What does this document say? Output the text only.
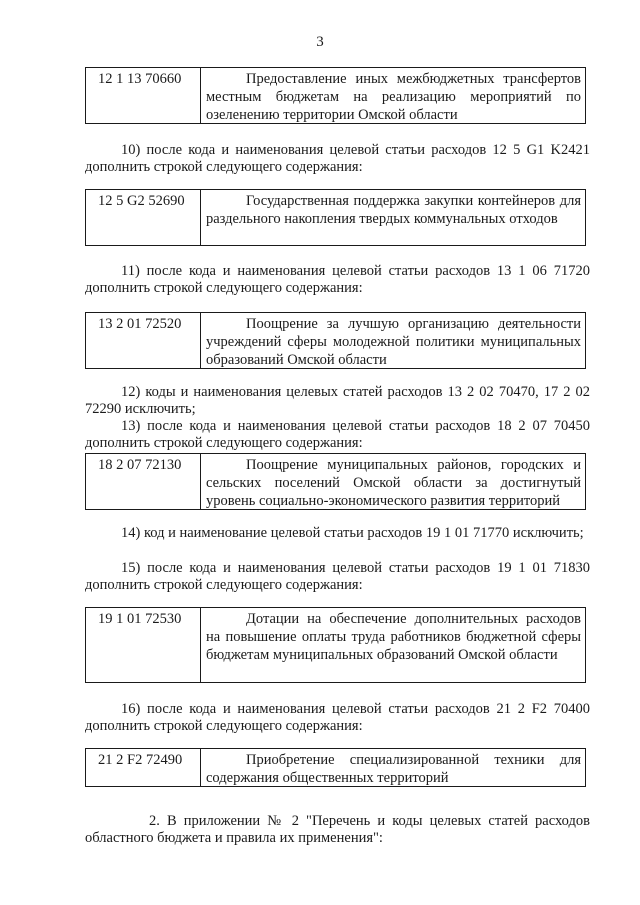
3
12 1 13 70660	Предоставление иных межбюджетных трансфертов местным бюджетам на реализацию мероприятий по озеленению территории Омской области

10) после кода и наименования целевой статьи расходов 12 5 G1 K2421 дополнить строкой следующего содержания:

12 5 G2 52690	Государственная поддержка закупки контейнеров для раздельного накопления твердых коммунальных отходов

11) после кода и наименования целевой статьи расходов 13 1 06 71720 дополнить строкой следующего содержания:

13 2 01 72520	Поощрение за лучшую организацию деятельности учреждений сферы молодежной политики муниципальных образований Омской области

12) коды и наименования целевых статей расходов 13 2 02 70470, 17 2 02 72290 исключить;

13) после кода и наименования целевой статьи расходов 18 2 07 70450 дополнить строкой следующего содержания:

18 2 07 72130	Поощрение муниципальных районов, городских и сельских поселений Омской области за достигнутый уровень социально-экономического развития территорий

14) код и наименование целевой статьи расходов 19 1 01 71770 исключить;

15) после кода и наименования целевой статьи расходов 19 1 01 71830 дополнить строкой следующего содержания:

19 1 01 72530	Дотации на обеспечение дополнительных расходов на повышение оплаты труда работников бюджетной сферы бюджетам муниципальных образований Омской области

16) после кода и наименования целевой статьи расходов 21 2 F2 70400 дополнить строкой следующего содержания:

21 2 F2 72490	Приобретение специализированной техники для содержания общественных территорий

2. В приложении № 2 "Перечень и коды целевых статей расходов областного бюджета и правила их применения":
